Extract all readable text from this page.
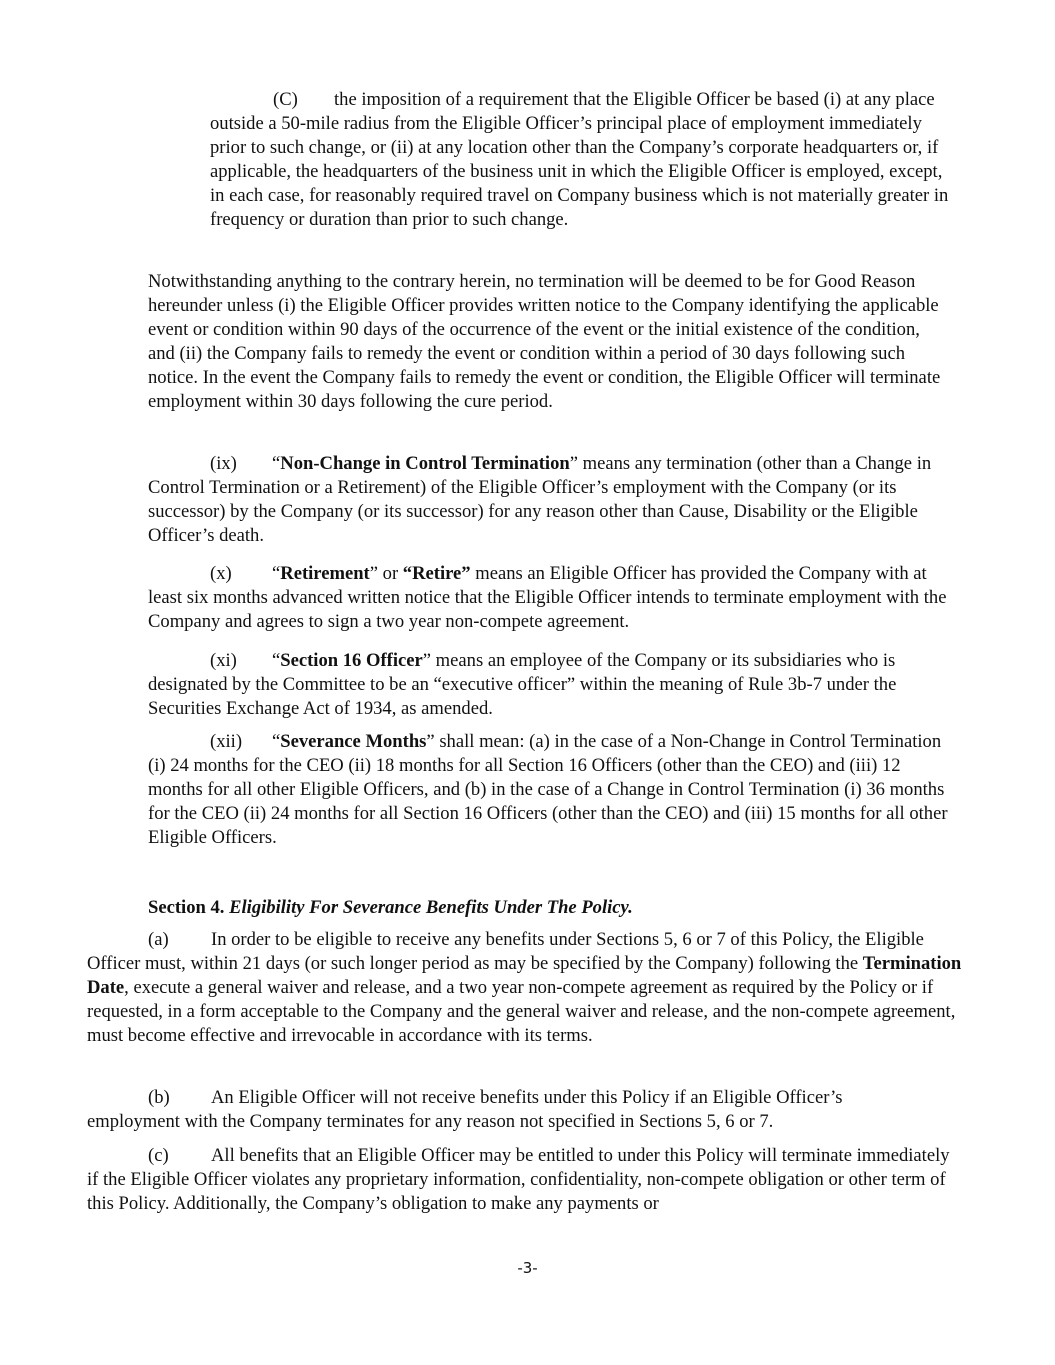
(C) the imposition of a requirement that the Eligible Officer be based (i) at any place outside a 50-mile radius from the Eligible Officer’s principal place of employment immediately prior to such change, or (ii) at any location other than the Company’s corporate headquarters or, if applicable, the headquarters of the business unit in which the Eligible Officer is employed, except, in each case, for reasonably required travel on Company business which is not materially greater in frequency or duration than prior to such change.

Notwithstanding anything to the contrary herein, no termination will be deemed to be for Good Reason hereunder unless (i) the Eligible Officer provides written notice to the Company identifying the applicable event or condition within 90 days of the occurrence of the event or the initial existence of the condition, and (ii) the Company fails to remedy the event or condition within a period of 30 days following such notice. In the event the Company fails to remedy the event or condition, the Eligible Officer will terminate employment within 30 days following the cure period.

(ix) “Non-Change in Control Termination” means any termination (other than a Change in Control Termination or a Retirement) of the Eligible Officer’s employment with the Company (or its successor) by the Company (or its successor) for any reason other than Cause, Disability or the Eligible Officer’s death.

(x) “Retirement” or “Retire” means an Eligible Officer has provided the Company with at least six months advanced written notice that the Eligible Officer intends to terminate employment with the Company and agrees to sign a two year non-compete agreement.

(xi) “Section 16 Officer” means an employee of the Company or its subsidiaries who is designated by the Committee to be an “executive officer” within the meaning of Rule 3b-7 under the Securities Exchange Act of 1934, as amended.

(xii) “Severance Months” shall mean: (a) in the case of a Non-Change in Control Termination (i) 24 months for the CEO (ii) 18 months for all Section 16 Officers (other than the CEO) and (iii) 12 months for all other Eligible Officers, and (b) in the case of a Change in Control Termination (i) 36 months for the CEO (ii) 24 months for all Section 16 Officers (other than the CEO) and (iii) 15 months for all other Eligible Officers.

Section 4. Eligibility For Severance Benefits Under The Policy.

(a) In order to be eligible to receive any benefits under Sections 5, 6 or 7 of this Policy, the Eligible Officer must, within 21 days (or such longer period as may be specified by the Company) following the Termination Date, execute a general waiver and release, and a two year non-compete agreement as required by the Policy or if requested, in a form acceptable to the Company and the general waiver and release, and the non-compete agreement, must become effective and irrevocable in accordance with its terms.

(b) An Eligible Officer will not receive benefits under this Policy if an Eligible Officer’s employment with the Company terminates for any reason not specified in Sections 5, 6 or 7.

(c) All benefits that an Eligible Officer may be entitled to under this Policy will terminate immediately if the Eligible Officer violates any proprietary information, confidentiality, non-compete obligation or other term of this Policy. Additionally, the Company’s obligation to make any payments or

-3-
